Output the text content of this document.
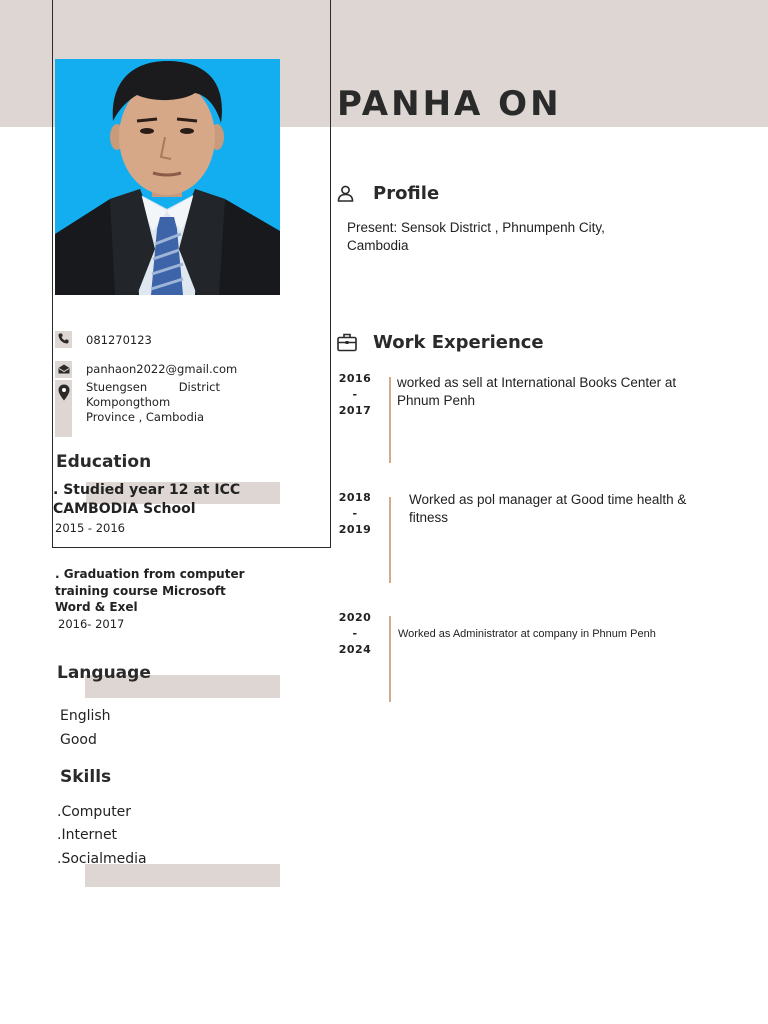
PANHA ON
Profile
Present: Sensok District , Phnumpenh City, Cambodia
Work Experience
2016
-
2017
worked as sell at International Books Center at Phnum Penh
2018
-
2019
Worked as pol manager at Good time health & fitness
2020
-
2024
Worked as Administrator at company in Phnum Penh
081270123
panhaon2022@gmail.com
Stuengsen	District
Kompongthom
Province , Cambodia
Education
. Studied year 12 at ICC CAMBODIA School
2015 - 2016
. Graduation from computer training course Microsoft Word & Exel
2016- 2017
Language
English
Good
Skills
.Computer
.Internet
.Socialmedia
